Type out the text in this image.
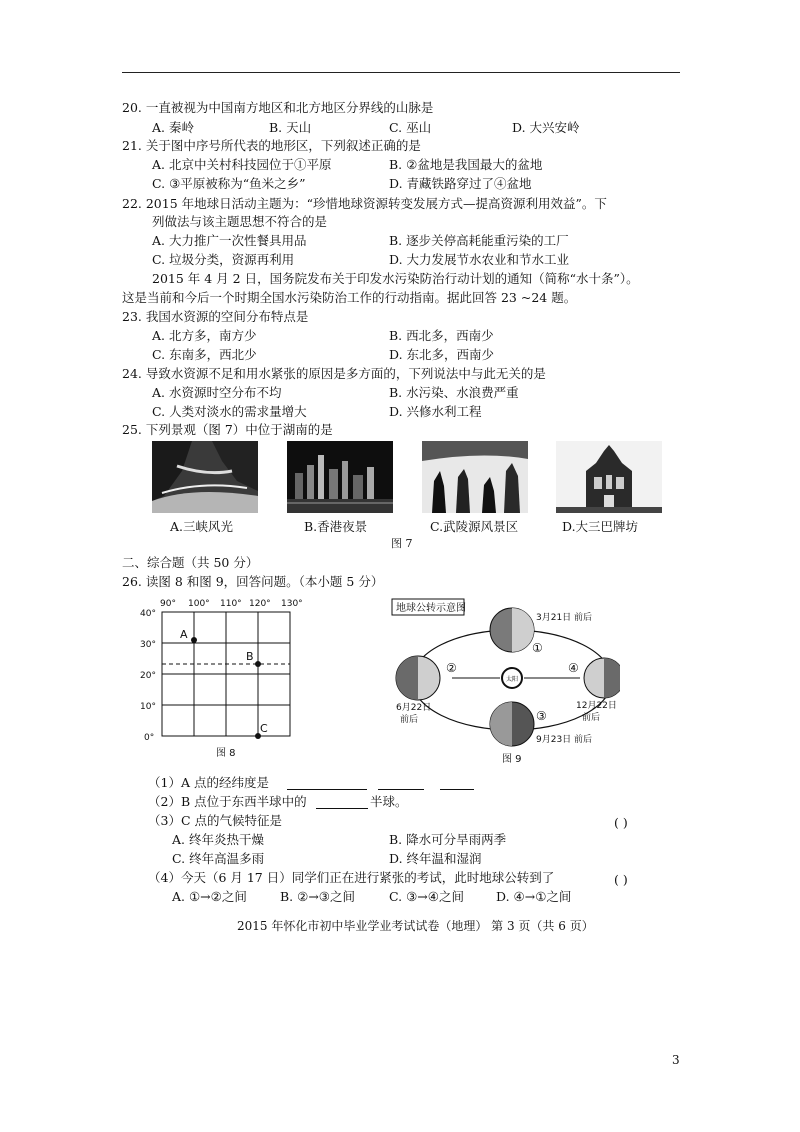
20. 一直被视为中国南方地区和北方地区分界线的山脉是
A. 秦岭	B. 天山	C. 巫山	D. 大兴安岭
21. 关于图中序号所代表的地形区，下列叙述正确的是
A. 北京中关村科技园位于①平原	B. ②盆地是我国最大的盆地
C. ③平原被称为“鱼米之乡”	D. 青藏铁路穿过了④盆地
22. 2015 年地球日活动主题为：“珍惜地球资源转变发展方式—提高资源利用效益”。下
列做法与该主题思想不符合的是
A. 大力推广一次性餐具用品	B. 逐步关停高耗能重污染的工厂
C. 垃圾分类，资源再利用	D. 大力发展节水农业和节水工业
2015 年 4 月 2 日，国务院发布关于印发水污染防治行动计划的通知（简称“水十条”）。
这是当前和今后一个时期全国水污染防治工作的行动指南。据此回答 23 ~24 题。
23. 我国水资源的空间分布特点是
A. 北方多，南方少	B. 西北多，西南少
C. 东南多，西北少	D. 东北多，西南少
24. 导致水资源不足和用水紧张的原因是多方面的，下列说法中与此无关的是
A. 水资源时空分布不均	B. 水污染、水浪费严重
C. 人类对淡水的需求量增大	D. 兴修水利工程
25. 下列景观（图 7）中位于湖南的是
A.三峡风光	B.香港夜景	C.武陵源风景区	D.大三巴牌坊
图 7
二、综合题（共 50 分）
26. 读图 8 和图 9，回答问题。（本小题 5 分）
90° 100° 110° 120° 130°
40°
30°
20°
10°
0°
A
B
C
图 8
地球公转示意图
太阳
①
②
③
④
3月21日 前后
6月22日
前后
12月22日
前后
9月23日 前后
图 9
（1）A 点的经纬度是
（2）B 点位于东西半球中的	半球。
（3）C 点的气候特征是	( )
A. 终年炎热干燥	B. 降水可分旱雨两季
C. 终年高温多雨	D. 终年温和湿润
（4）今天（6 月 17 日）同学们正在进行紧张的考试，此时地球公转到了	( )
A. ①→②之间	B. ②→③之间	C. ③→④之间	D. ④→①之间
2015 年怀化市初中毕业学业考试试卷（地理） 第 3 页（共 6 页）
3
